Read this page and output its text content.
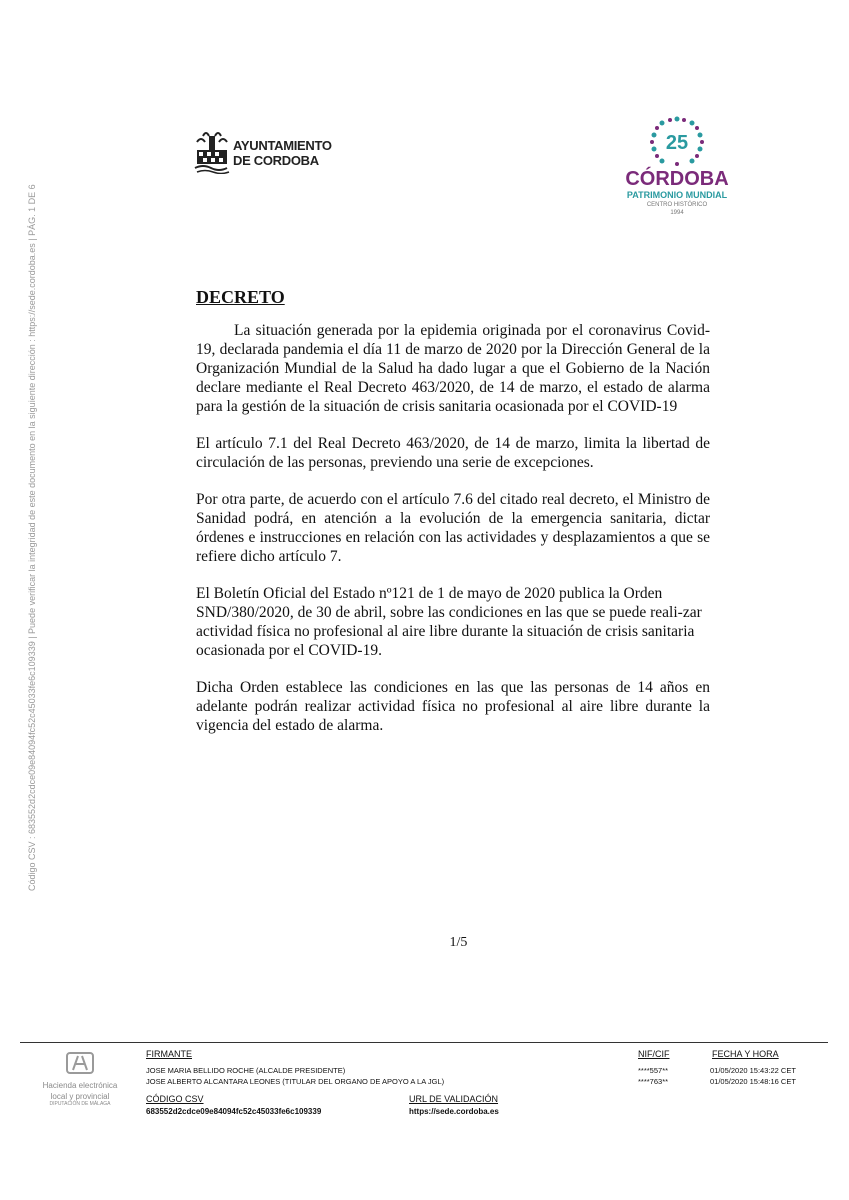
Código CSV : 683552d2cdce09e84094fc52c45033fe6c109339 | Puede verificar la integridad de este documento en la siguiente dirección : https://sede.cordoba.es | PÁG. 1 DE 6
AYUNTAMIENTO
DE CORDOBA
25
CÓRDOBA
PATRIMONIO MUNDIAL
CENTRO HISTÓRICO
1994
DECRETO

La situación generada por la epidemia originada por el coronavirus Covid-19, declarada pandemia el día 11 de marzo de 2020 por la Dirección General de la Organización Mundial de la Salud ha dado lugar a que el Gobierno de la Nación declare mediante el Real Decreto 463/2020, de 14 de marzo, el estado de alarma para la gestión de la situación de crisis sanitaria ocasionada por el COVID-19

El artículo 7.1 del Real Decreto 463/2020, de 14 de marzo, limita la libertad de circulación de las personas, previendo una serie de excepciones.

Por otra parte, de acuerdo con el artículo 7.6 del citado real decreto, el Ministro de Sanidad podrá, en atención a la evolución de la emergencia sanitaria, dictar órdenes e instrucciones en relación con las actividades y desplazamientos a que se refiere dicho artículo 7.

El Boletín Oficial del Estado nº121 de 1 de mayo de 2020 publica la Orden SND/380/2020, de 30 de abril, sobre las condiciones en las que se puede reali-zar actividad física no profesional al aire libre durante la situación de crisis sanitaria ocasionada por el COVID-19.

Dicha Orden establece las condiciones en las que las personas de 14 años en adelante podrán realizar actividad física no profesional al aire libre durante la vigencia del estado de alarma.

1/5
Hacienda electrónica
local y provincial
DIPUTACIÓN DE MÁLAGA
FIRMANTE	NIF/CIF	FECHA Y HORA
JOSE MARIA BELLIDO ROCHE (ALCALDE PRESIDENTE)	****557**	01/05/2020 15:43:22 CET
JOSE ALBERTO ALCANTARA LEONES (TITULAR DEL ORGANO DE APOYO A LA JGL)	****763**	01/05/2020 15:48:16 CET
CÓDIGO CSV	URL DE VALIDACIÓN
683552d2cdce09e84094fc52c45033fe6c109339	https://sede.cordoba.es
